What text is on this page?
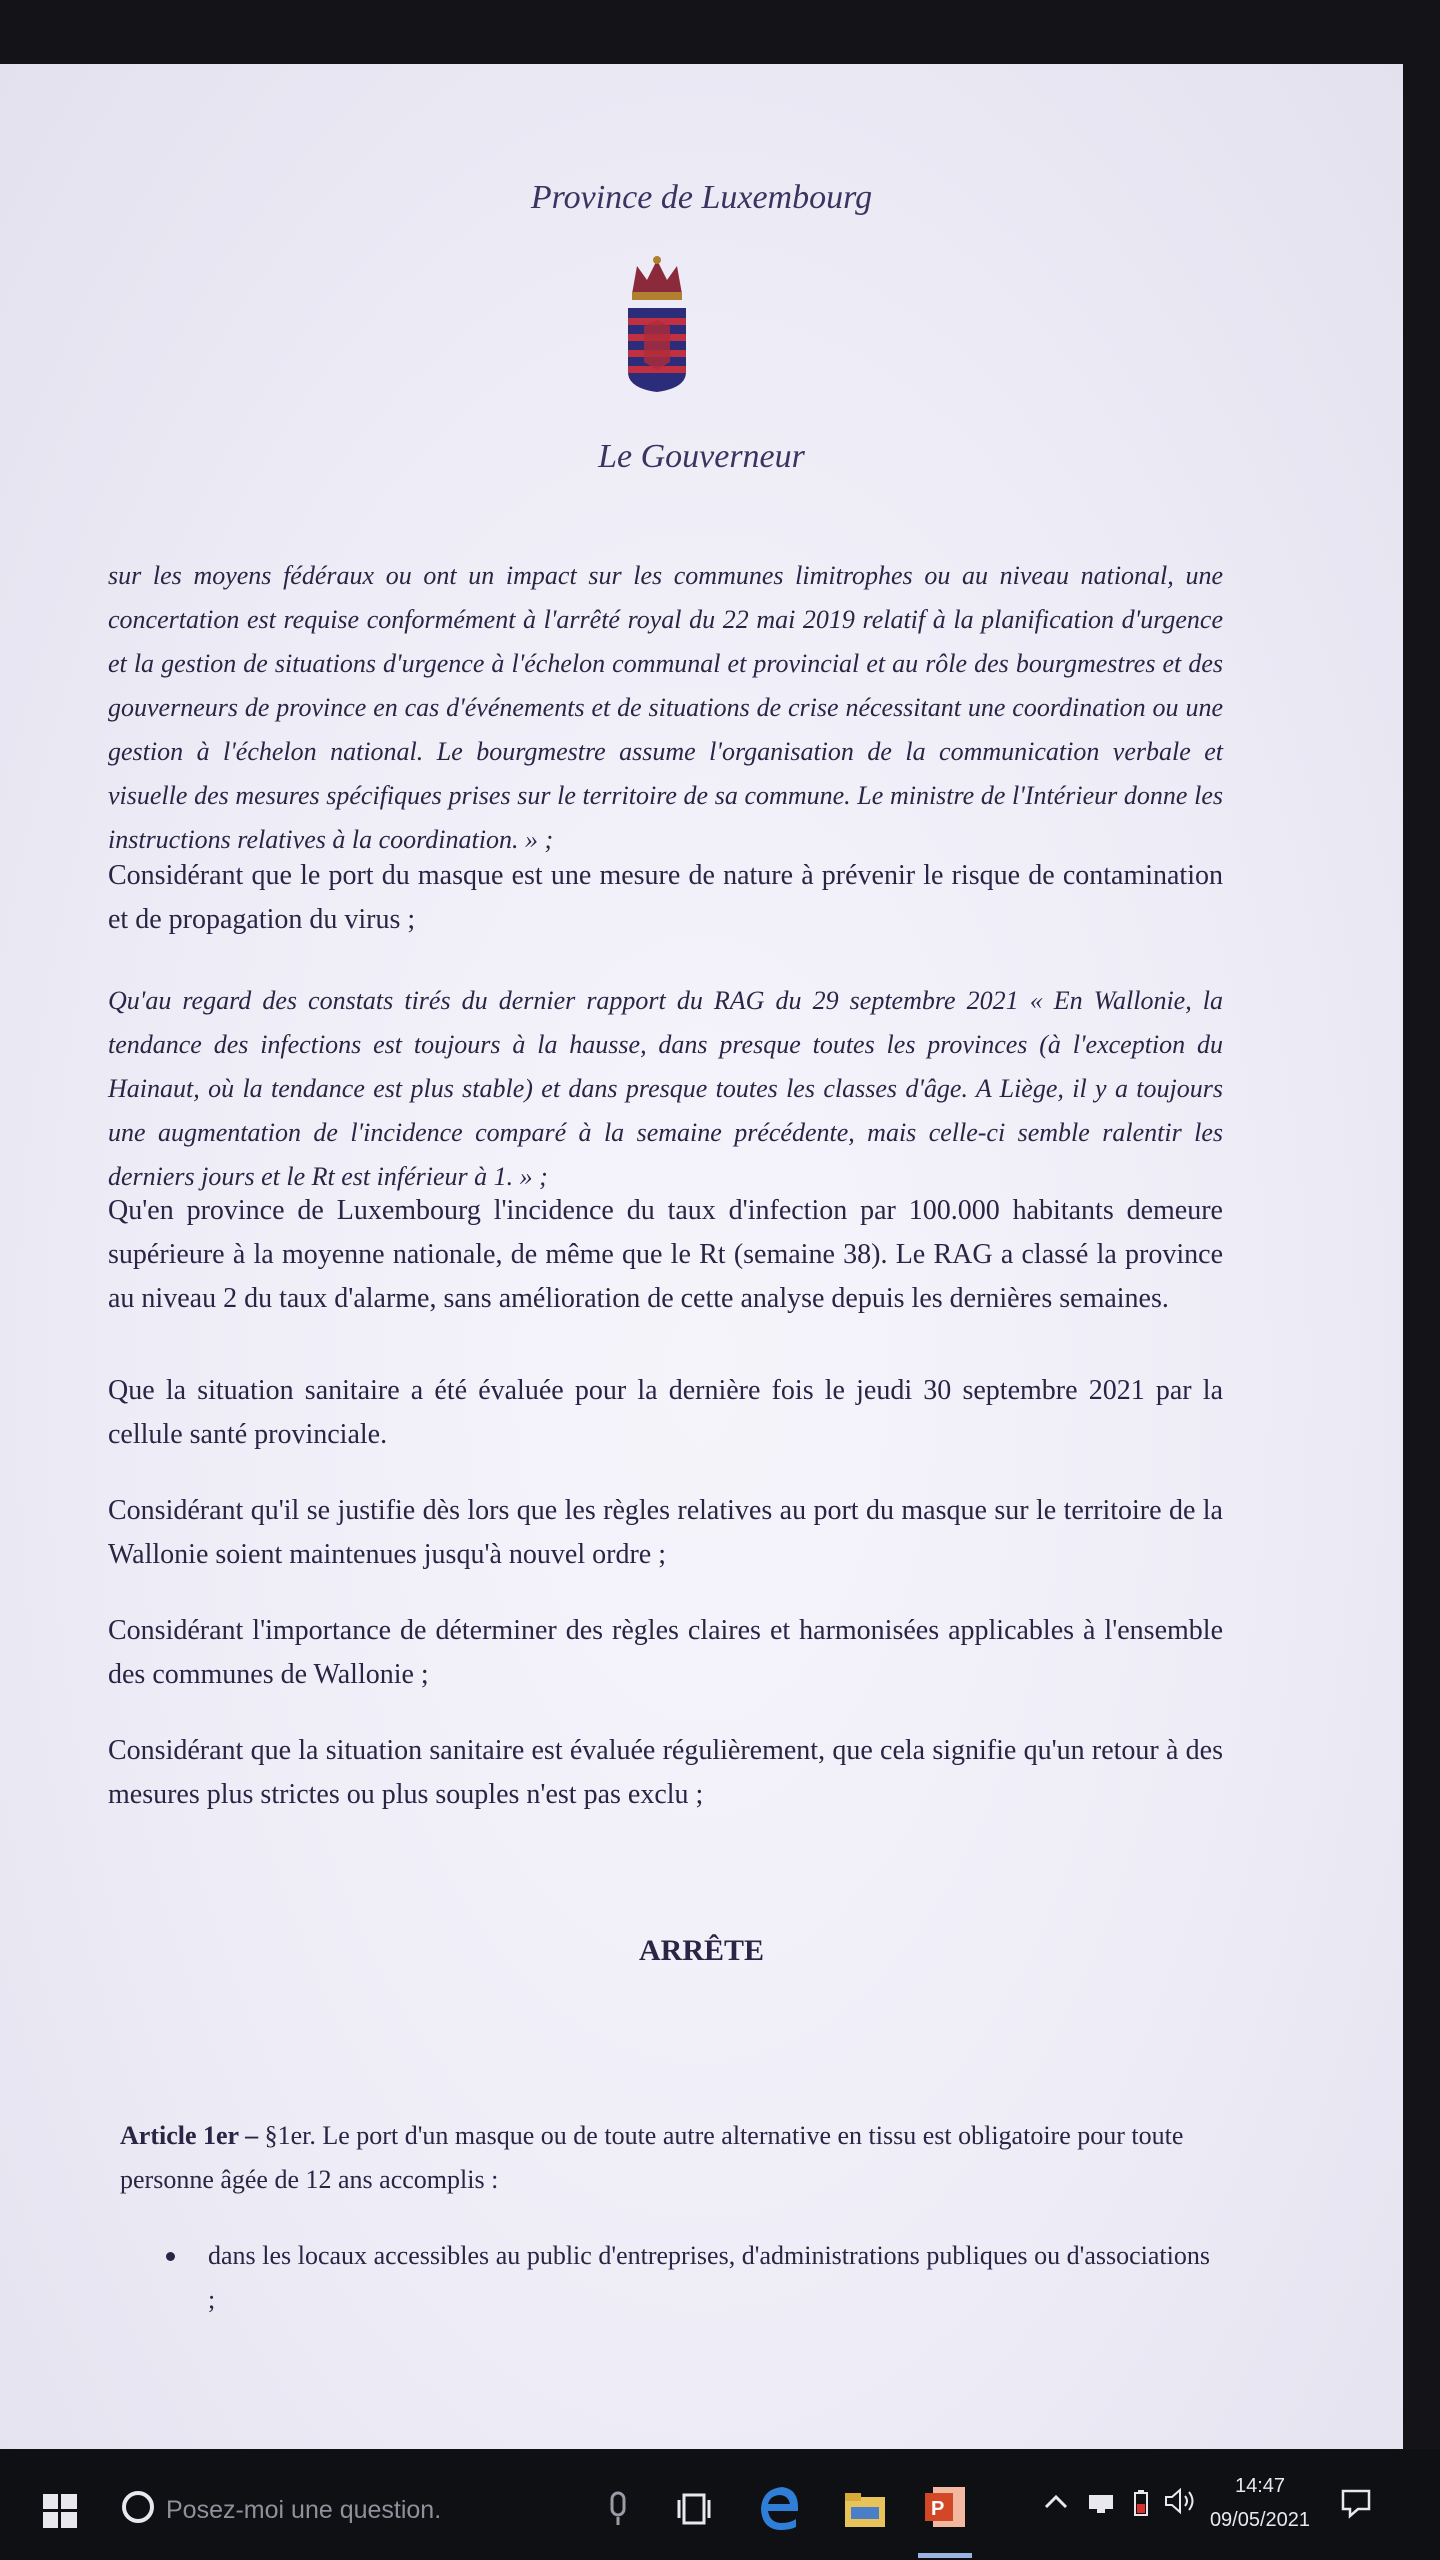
Province de Luxembourg
Le Gouverneur

sur les moyens fédéraux ou ont un impact sur les communes limitrophes ou au niveau national, une concertation est requise conformément à l'arrêté royal du 22 mai 2019 relatif à la planification d'urgence et la gestion de situations d'urgence à l'échelon communal et provincial et au rôle des bourgmestres et des gouverneurs de province en cas d'événements et de situations de crise nécessitant une coordination ou une gestion à l'échelon national. Le bourgmestre assume l'organisation de la communication verbale et visuelle des mesures spécifiques prises sur le territoire de sa commune. Le ministre de l'Intérieur donne les instructions relatives à la coordination. » ;

Considérant que le port du masque est une mesure de nature à prévenir le risque de contamination et de propagation du virus ;

Qu'au regard des constats tirés du dernier rapport du RAG du 29 septembre 2021 « En Wallonie, la tendance des infections est toujours à la hausse, dans presque toutes les provinces (à l'exception du Hainaut, où la tendance est plus stable) et dans presque toutes les classes d'âge. A Liège, il y a toujours une augmentation de l'incidence comparé à la semaine précédente, mais celle-ci semble ralentir les derniers jours et le Rt est inférieur à 1. » ;

Qu'en province de Luxembourg l'incidence du taux d'infection par 100.000 habitants demeure supérieure à la moyenne nationale, de même que le Rt (semaine 38). Le RAG a classé la province au niveau 2 du taux d'alarme, sans amélioration de cette analyse depuis les dernières semaines.

Que la situation sanitaire a été évaluée pour la dernière fois le jeudi 30 septembre 2021 par la cellule santé provinciale.

Considérant qu'il se justifie dès lors que les règles relatives au port du masque sur le territoire de la Wallonie soient maintenues jusqu'à nouvel ordre ;

Considérant l'importance de déterminer des règles claires et harmonisées applicables à l'ensemble des communes de Wallonie ;

Considérant que la situation sanitaire est évaluée régulièrement, que cela signifie qu'un retour à des mesures plus strictes ou plus souples n'est pas exclu ;

ARRÊTE

Article 1er – §1er. Le port d'un masque ou de toute autre alternative en tissu est obligatoire pour toute personne âgée de 12 ans accomplis :

dans les locaux accessibles au public d'entreprises, d'administrations publiques ou d'associations ;
Posez-moi une question.
P
14:47
09/05/2021
